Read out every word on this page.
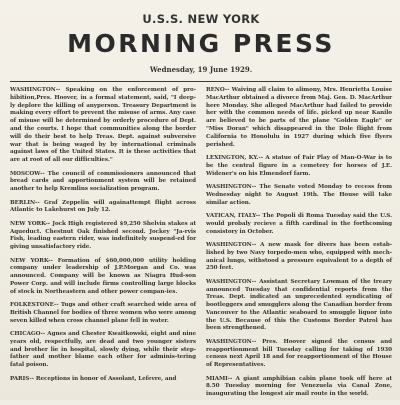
U.S.S. NEW YORK
MORNING PRESS
Wednesday, 19 June 1929.

WASHINGTON-- Speaking on the enforcement of pro-hibition,Pres. Hoover, in a formal statement, said, "I deep-ly deplore the killing of anyperson. Treasury Department is making every effort to prevent the misuse of arms. Any case of misuse will be determined by orderly procedure of Dept. and the courts. I hope that communities along the border will do their best to help Treas. Dept. against subversive war that is being waged by by international criminals against laws of the United States. It is these activities that are at root of all our difficulties."

MOSCOW-- The council of commissioners announced that bread cards and apportionment system will be retained another to help Kremlins socialization program.

BERLIN-- Graf Zeppelin will againattempt flight across Atlantic to Lakehurst on July 12.

NEW YORK-- Jock High registered $9,250 Shelvin stakes at Aqueduct. Chestnut Oak finished second. Jockey "Ja-rvis Fish, leading eastern rider, was indefinitely suspend-ed for giving unsatisfactory ride.

NEW YORK-- Formation of $60,000,000 utility holding company under leadership of J.P.Morgan and Co. was announced. Company will be known as Niagra Hud-son Power Corp. and will include firms controlling large blocks of stock in Northeastern and other power compan-ies.

FOLKESTONE-- Tugs and other craft searched wide area of British Channel for bodies of three women who were among seven killed when cross channel plane fell in water.

CHICAGO-- Agnes and Chester Kwaitkowski, eight and nine years old, respectfully, are dead and two younger sisters and brother lie in hospital, slowly dying, while their step-father and mother blame each other for adminis-tering fatal poison.

PARIS-- Receptions in honor of Assolant, Lefevre, and

RENO-- Waiving all claim to alimony, Mrs. Henrietta Louise MacArthur obtained a divorce from Maj. Gen. D. MacArthur here Monday. She alleged MacArthur had failed to provide her with the common needs of life. picked up near Kanilo are believed to be parts of the plane "Golden Eagle" or "Miss Doran" which disappeared in the Dole flight from California to Honolulu in 1927 during which five flyers perished.

LEXINGTON, KY.-- A statue of Fair Play of Man-O-War is to be the central figure in a cemetery for horses of J.E. Widener's on his Elmendorf farm.

WASHINGTON-- The Senate voted Monday to recess from Wednesday night to August 19th. The House will take similar action.

VATICAN, ITALY-- The Popoli di Roma Tuesday said the U.S. would probaly recieve a fifth cardinal in the forthcoming consistory in October.

WASHINGTON-- A new mask for divers has been estab-lished by two Navy torpedo-men who, equipped with mech-anical lungs, withstood a pressure equivalent to a depth of 250 feet.

WASHINGTON-- Assistant Secretary Lowman of the treary announced Tuesday that confidential reports from the Treas. Dept. indicated an unprecedented syndicating of bootleggers and smugglers along the Canadian border from Vancouver to the Atlantic seaboard to smuggle liquor into the U.S. Because of this the Customs Border Patrol has been strengthened.

WASHINGTON-- Pres. Hoover signed the census and reapportionment bill Tuesday calling for taking of 1930 census next April 18 and for reapportionment of the House of Representatives.

MIAMI-- A giant amphibian cabin plane took off here at 8.50 Tuesday morning for Venezuela via Canal Zone, inaugurating the longest air mail route in the world.
